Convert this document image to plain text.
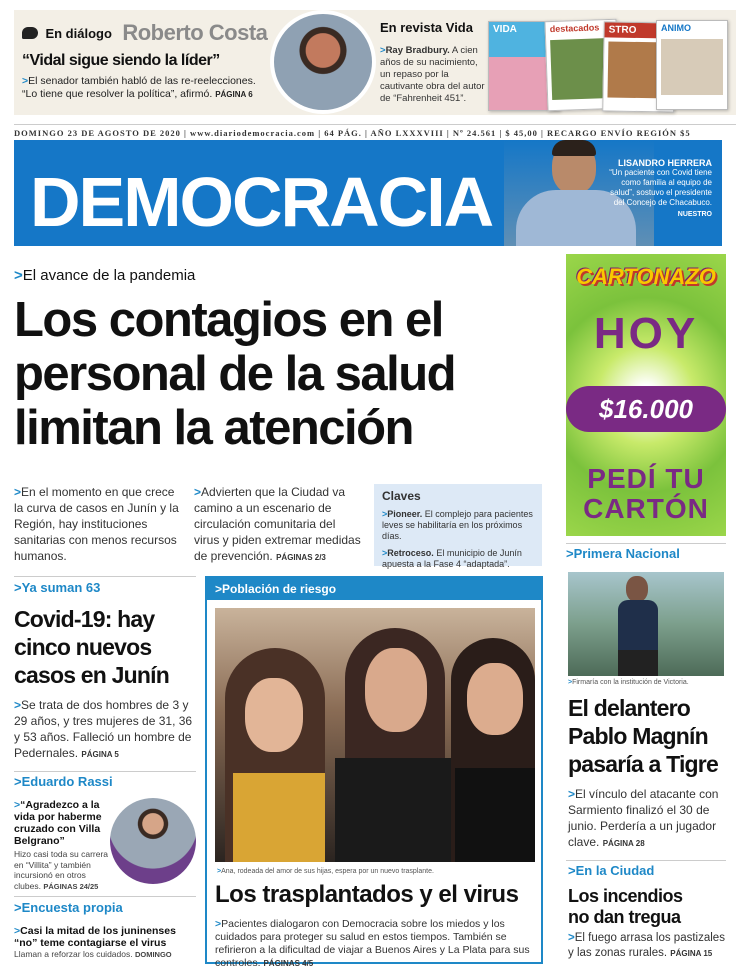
En diálogo Roberto Costa
“Vidal sigue siendo la líder”
>El senador también habló de las re-reelecciones. “Lo tiene que resolver la política”, afirmó. PÁGINA 6
En revista Vida
>Ray Bradbury. A cien años de su nacimiento, un repaso por la cautivante obra del autor de “Fahrenheit 451”.
VIDA	destacados STRO	ANIMO
DOMINGO 23 DE AGOSTO DE 2020 | www.diariodemocracia.com | 64 PÁG. | AÑO LXXXVIII | Nº 24.561 | $ 45,00 | RECARGO ENVÍO REGIÓN $5
DEMOCRACIA	LISANDRO HERRERA
“Un paciente con Covid tiene como familia al equipo de salud”, sostuvo el presidente del Concejo de Chacabuco.
NUESTRO
>El avance de la pandemia
Los contagios en el personal de la salud limitan la atención
>En el momento en que crece la curva de casos en Junín y la Región, hay instituciones sanitarias con menos recursos humanos.
>Advierten que la Ciudad va camino a un escenario de circulación comunitaria del virus y piden extremar medidas de prevención. PÁGINAS 2/3
Claves

>Pioneer. El complejo para pacientes leves se habilitaría en los próximos días.

>Retroceso. El municipio de Junín apuesta a la Fase 4 “adaptada”.

>Ya suman 63
Covid-19: hay cinco nuevos casos en Junín
>Se trata de dos hombres de 3 y 29 años, y tres mujeres de 31, 36 y 53 años. Falleció un hombre de Pedernales. PÁGINA 5
>Eduardo Rassi
>“Agradezco a la vida por haberme cruzado con Villa Belgrano”
Hizo casi toda su carrera en “Villita” y también incursionó en otros clubes. PÁGINAS 24/25
>Encuesta propia
>Casi la mitad de los juninenses “no” teme contagiarse el virus
Llaman a reforzar los cuidados. DOMINGO
>Población de riesgo
>Ana, rodeada del amor de sus hijas, espera por un nuevo trasplante.
Los trasplantados y el virus
>Pacientes dialogaron con Democracia sobre los miedos y los cuidados para proteger su salud en estos tiempos. También se refirieron a la dificultad de viajar a Buenos Aires y La Plata para sus controles. PÁGINAS 4/5
CARTONAZO
HOY
$16.000
PEDÍ TU CARTÓN
>Primera Nacional
>Firmaría con la institución de Victoria.
El delantero Pablo Magnín pasaría a Tigre
>El vínculo del atacante con Sarmiento finalizó el 30 de junio. Perdería a un jugador clave. PÁGINA 28
>En la Ciudad
Los incendios no dan tregua
>El fuego arrasa los pastizales y las zonas rurales. PÁGINA 15
